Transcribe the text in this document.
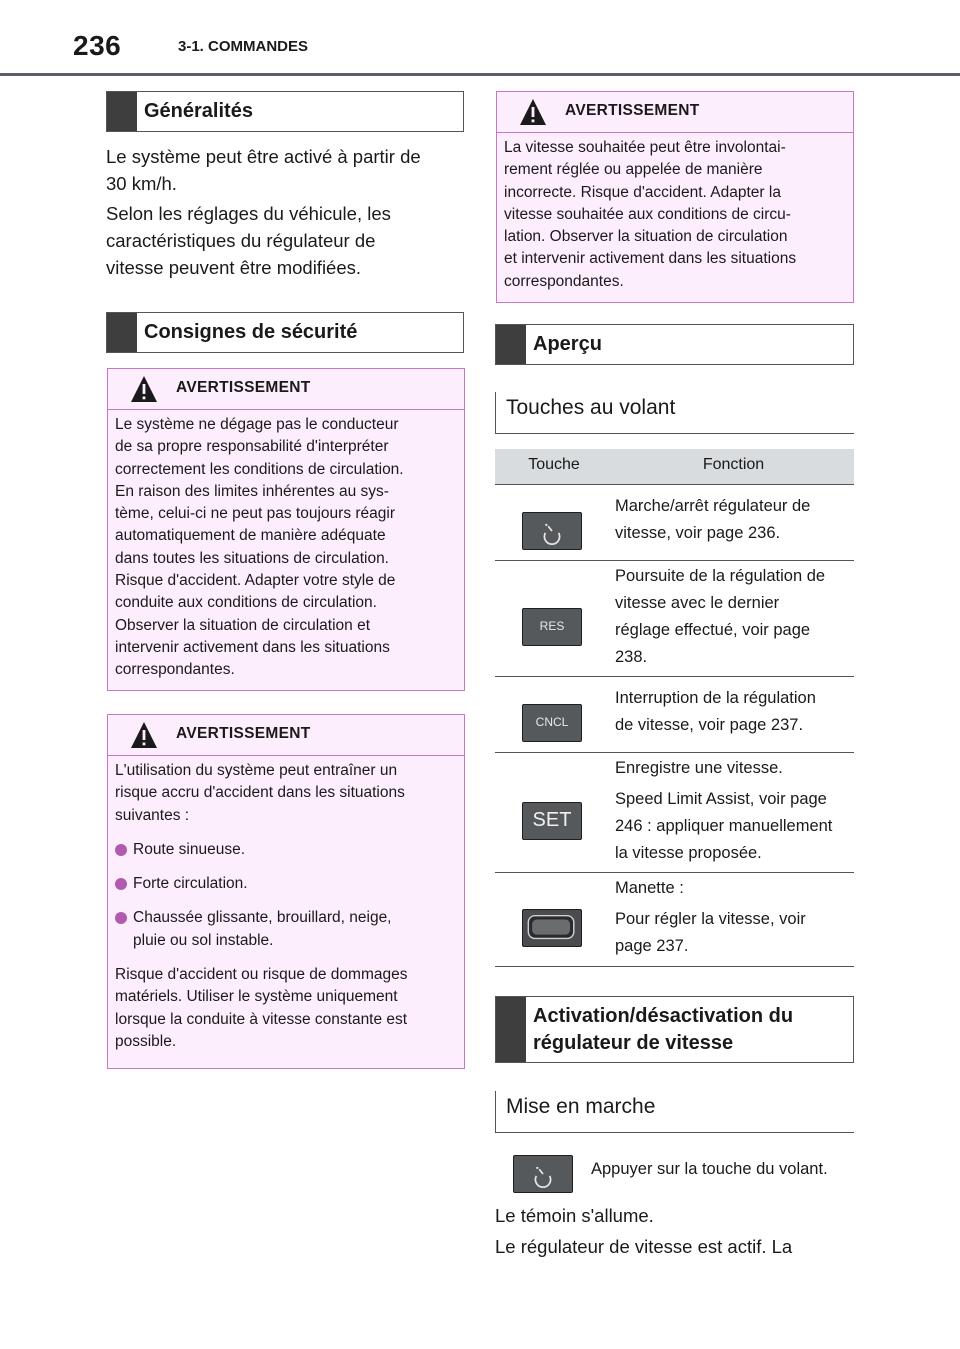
236	3-1. COMMANDES
Généralités
Le système peut être activé à partir de
30 km/h.
Selon les réglages du véhicule, les
caractéristiques du régulateur de
vitesse peuvent être modifiées.
Consignes de sécurité
AVERTISSEMENT
Le système ne dégage pas le conducteur
de sa propre responsabilité d'interpréter
correctement les conditions de circulation.
En raison des limites inhérentes au sys-
tème, celui-ci ne peut pas toujours réagir
automatiquement de manière adéquate
dans toutes les situations de circulation.
Risque d'accident. Adapter votre style de
conduite aux conditions de circulation.
Observer la situation de circulation et
intervenir activement dans les situations
correspondantes.
AVERTISSEMENT

L'utilisation du système peut entraîner un
risque accru d'accident dans les situations
suivantes :

Route sinueuse.
Forte circulation.
Chaussée glissante, brouillard, neige,
pluie ou sol instable.

Risque d'accident ou risque de dommages
matériels. Utiliser le système uniquement
lorsque la conduite à vitesse constante est
possible.

AVERTISSEMENT
La vitesse souhaitée peut être involontai-
rement réglée ou appelée de manière
incorrecte. Risque d'accident. Adapter la
vitesse souhaitée aux conditions de circu-
lation. Observer la situation de circulation
et intervenir activement dans les situations
correspondantes.
Aperçu
Touches au volant
Touche	Fonction
Marche/arrêt régulateur de
vitesse, voir page 236.
RES
Poursuite de la régulation de
vitesse avec le dernier
réglage effectué, voir page
238.
CNCL
Interruption de la régulation
de vitesse, voir page 237.
SET

Enregistre une vitesse.

Speed Limit Assist, voir page
246 : appliquer manuellement
la vitesse proposée.

Manette :

Pour régler la vitesse, voir
page 237.
Activation/désactivation du
régulateur de vitesse
Mise en marche
Appuyer sur la touche du volant.
Le témoin s'allume.
Le régulateur de vitesse est actif. La
